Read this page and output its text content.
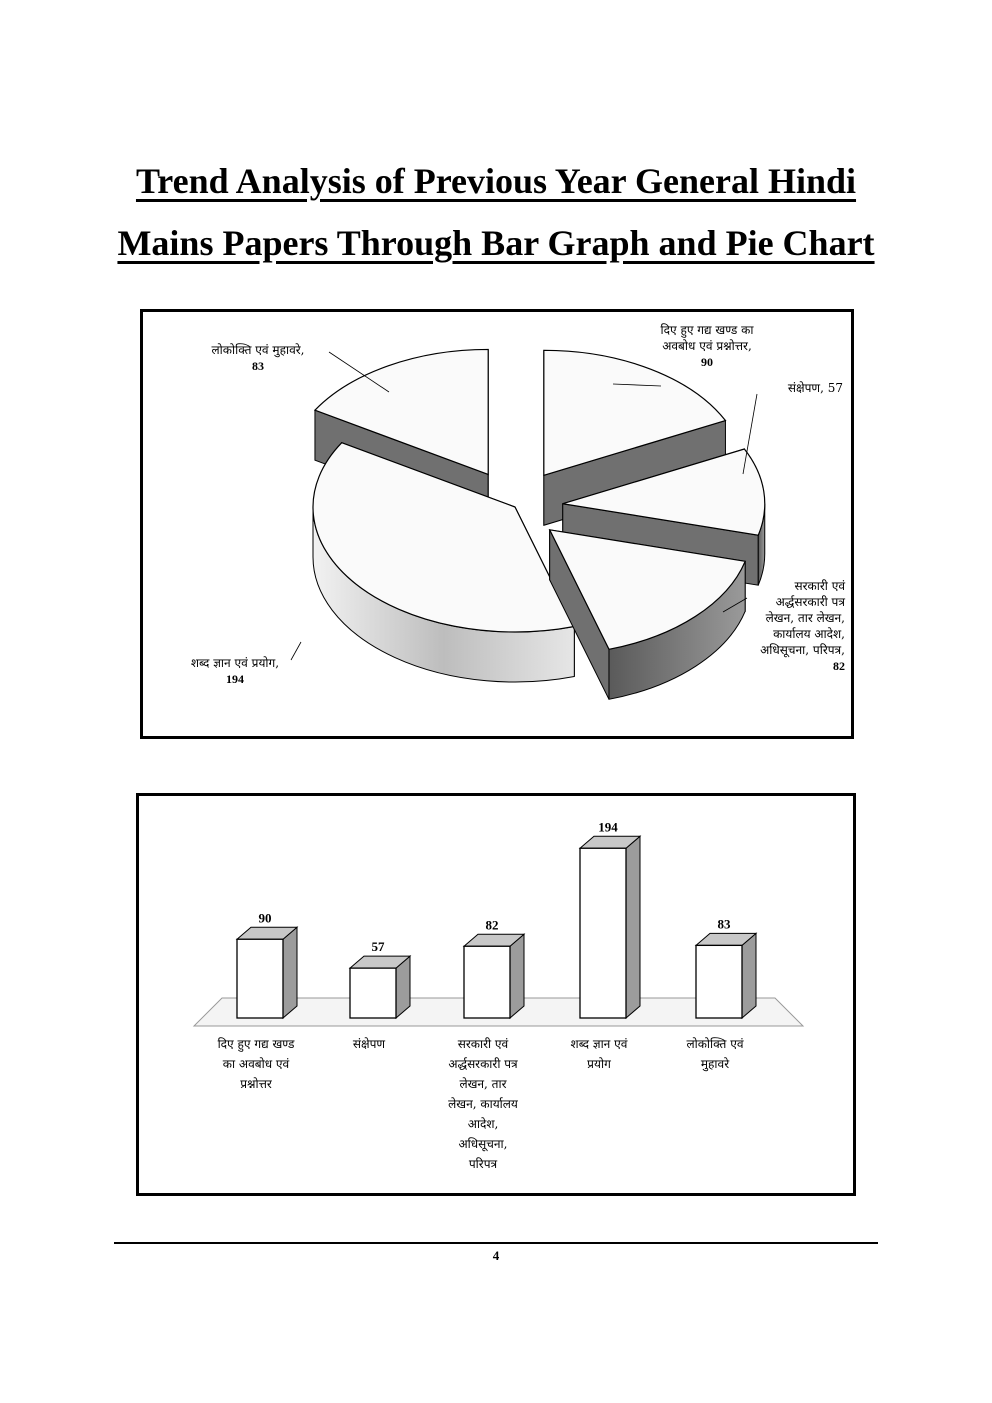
Trend Analysis of Previous Year General Hindi
Mains Papers Through Bar Graph and Pie Chart
दिए हुए गद्य खण्ड का अवबोध एवं प्रश्नोत्तर, 90
संक्षेपण, 57
सरकारी एवं अर्द्धसरकारी पत्र लेखन, तार लेखन, कार्यालय आदेश, अधिसूचना, परिपत्र, 82
शब्द ज्ञान एवं प्रयोग, 194
लोकोक्ति एवं मुहावरे, 83
90
दिए हुए गद्य खण्ड का अवबोध एवं प्रश्नोत्तर
57
संक्षेपण
82
सरकारी एवं अर्द्धसरकारी पत्र लेखन, तार लेखन, कार्यालय आदेश, अधिसूचना, परिपत्र
194
शब्द ज्ञान एवं प्रयोग
83
लोकोक्ति एवं मुहावरे
4
